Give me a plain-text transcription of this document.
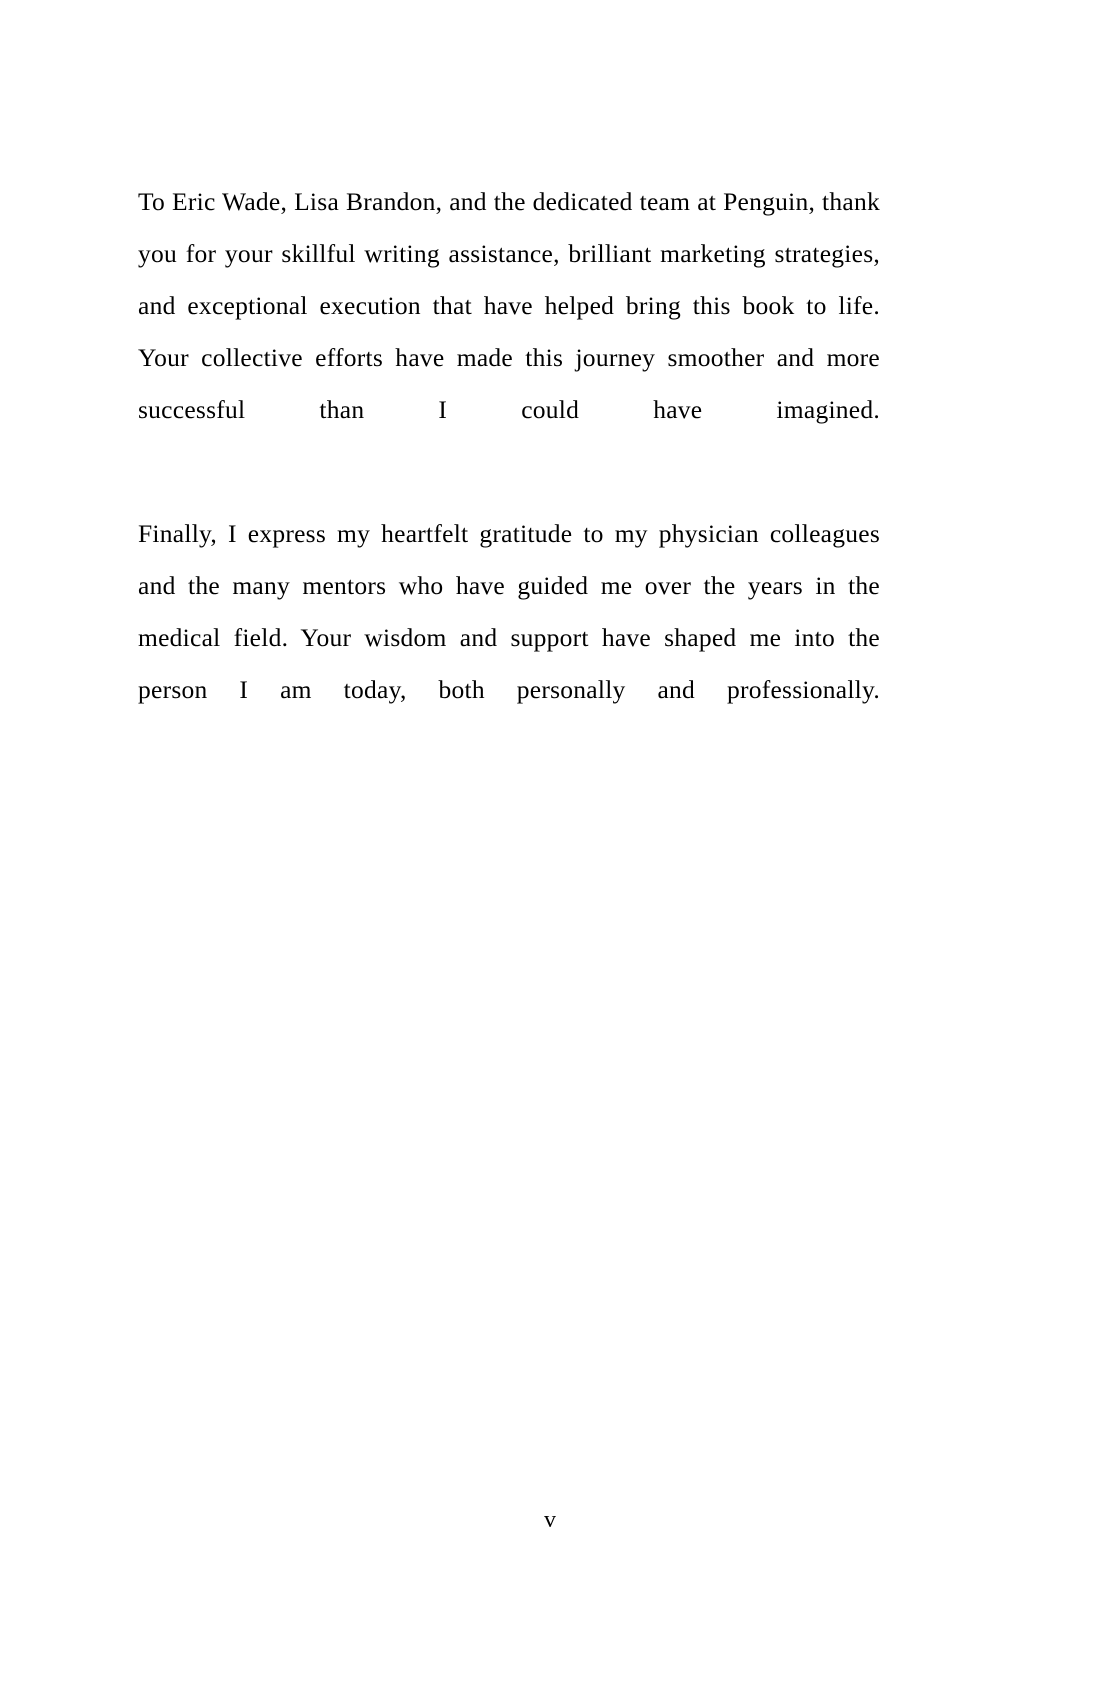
To Eric Wade, Lisa Brandon, and the dedicated team at Penguin, thank you for your skillful writing assistance, brilliant marketing strategies, and exceptional execution that have helped bring this book to life. Your collective efforts have made this journey smoother and more successful than I could have imagined.

Finally, I express my heartfelt gratitude to my physician colleagues and the many mentors who have guided me over the years in the medical field. Your wisdom and support have shaped me into the person I am today, both personally and professionally.

v
